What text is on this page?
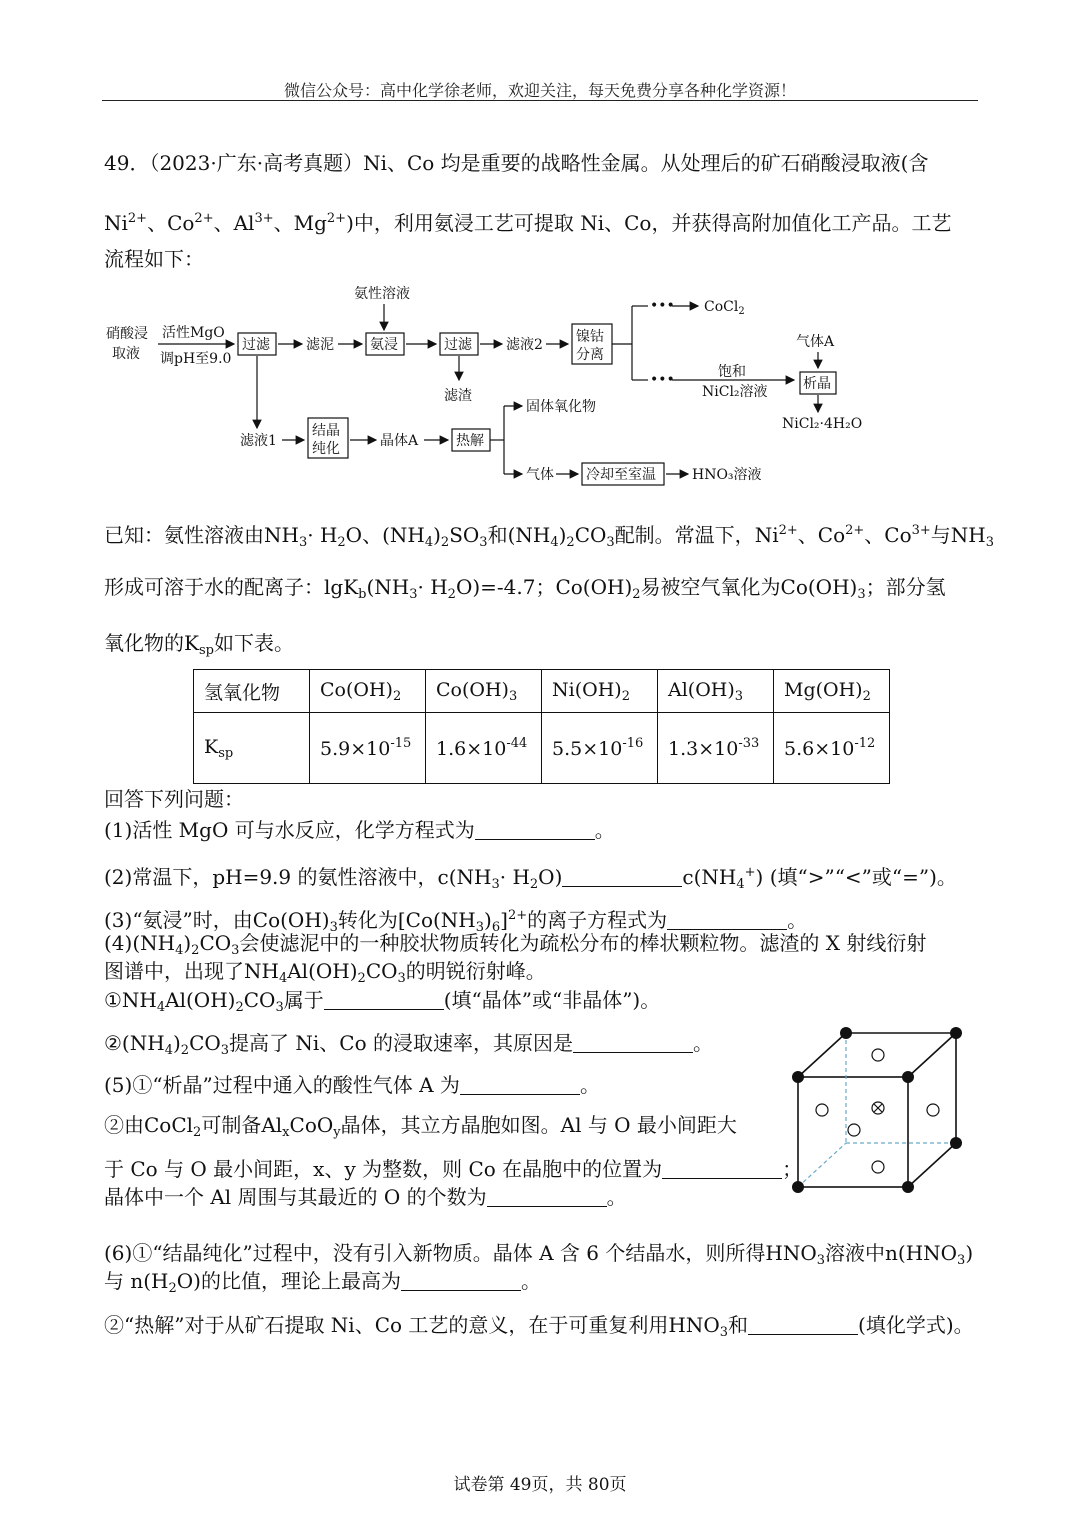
微信公众号：高中化学徐老师，欢迎关注，每天免费分享各种化学资源！
49．（2023·广东·高考真题）Ni、Co 均是重要的战略性金属。从处理后的矿石硝酸浸取液(含
$Ni^{2+}$、$Co^{2+}$、$Al^{3+}$、$Mg^{2+}$)中，利用氨浸工艺可提取 Ni、Co，并获得高附加值化工产品。工艺
流程如下：
硝酸浸
取液
活性MgO
调pH至9.0
过滤	滤泥
氨性溶液
氨浸	过滤 滤液2
滤渣
镍钴
分离
••• CoCl$_2$
•••	饱和
NiCl₂溶液
气体A
析晶
NiCl₂·4H₂O
滤液1
结晶
纯化	晶体A	热解
固体氧化物
气体 冷却至室温	HNO₃溶液
已知：氨性溶液由$NH_3\cdot H_2O$、$(NH_4)_2SO_3$和$(NH_4)_2CO_3$配制。常温下，$Ni^{2+}$、$Co^{2+}$、$Co^{3+}$与$NH_3$
形成可溶于水的配离子：$\lg K_b(NH_3\cdot H_2O)=-4.7$；$Co(OH)_2$易被空气氧化为$Co(OH)_3$；部分氢
氧化物的$K_{sp}$如下表。
氢氧化物	$Co(OH)_2$	$Co(OH)_3$	$Ni(OH)_2$	$Al(OH)_3$	$Mg(OH)_2$
$K_{sp}$	$5.9\times 10^{-15}$	$1.6\times 10^{-44}$	$5.5\times 10^{-16}$	$1.3\times 10^{-33}$	$5.6\times 10^{-12}$
回答下列问题：
(1)活性 MgO 可与水反应，化学方程式为	。
(2)常温下，pH=9.9 的氨性溶液中，$c(NH_3\cdot H_2O)$	$c(NH_4^+)$ (填“>”“<”或“=”)。
(3)“氨浸”时，由$Co(OH)_3$转化为$[Co(NH_3)_6]^{2+}$的离子方程式为	。
$(4)(NH_4)_2CO_3$会使滤泥中的一种胶状物质转化为疏松分布的棒状颗粒物。滤渣的 X 射线衍射
图谱中，出现了$NH_4Al(OH)_2CO_3$的明锐衍射峰。
$①NH_4Al(OH)_2CO_3$属于	(填“晶体”或“非晶体”)。
$②(NH_4)_2CO_3$提高了 Ni、Co 的浸取速率，其原因是	。
(5)①“析晶”过程中通入的酸性气体 A 为	。
②由CoCl$_2$可制备$Al_xCoO_y$晶体，其立方晶胞如图。Al 与 O 最小间距大
于 Co 与 O 最小间距，x、y 为整数，则 Co 在晶胞中的位置为	；
晶体中一个 Al 周围与其最近的 O 的个数为	。
(6)①“结晶纯化”过程中，没有引入新物质。晶体 A 含 6 个结晶水，则所得$HNO_3$溶液中$n(HNO_3)$
与 $n(H_2O)$的比值，理论上最高为	。
②“热解”对于从矿石提取 Ni、Co 工艺的意义，在于可重复利用$HNO_3$和	(填化学式)。
试卷第 49页，共 80页
